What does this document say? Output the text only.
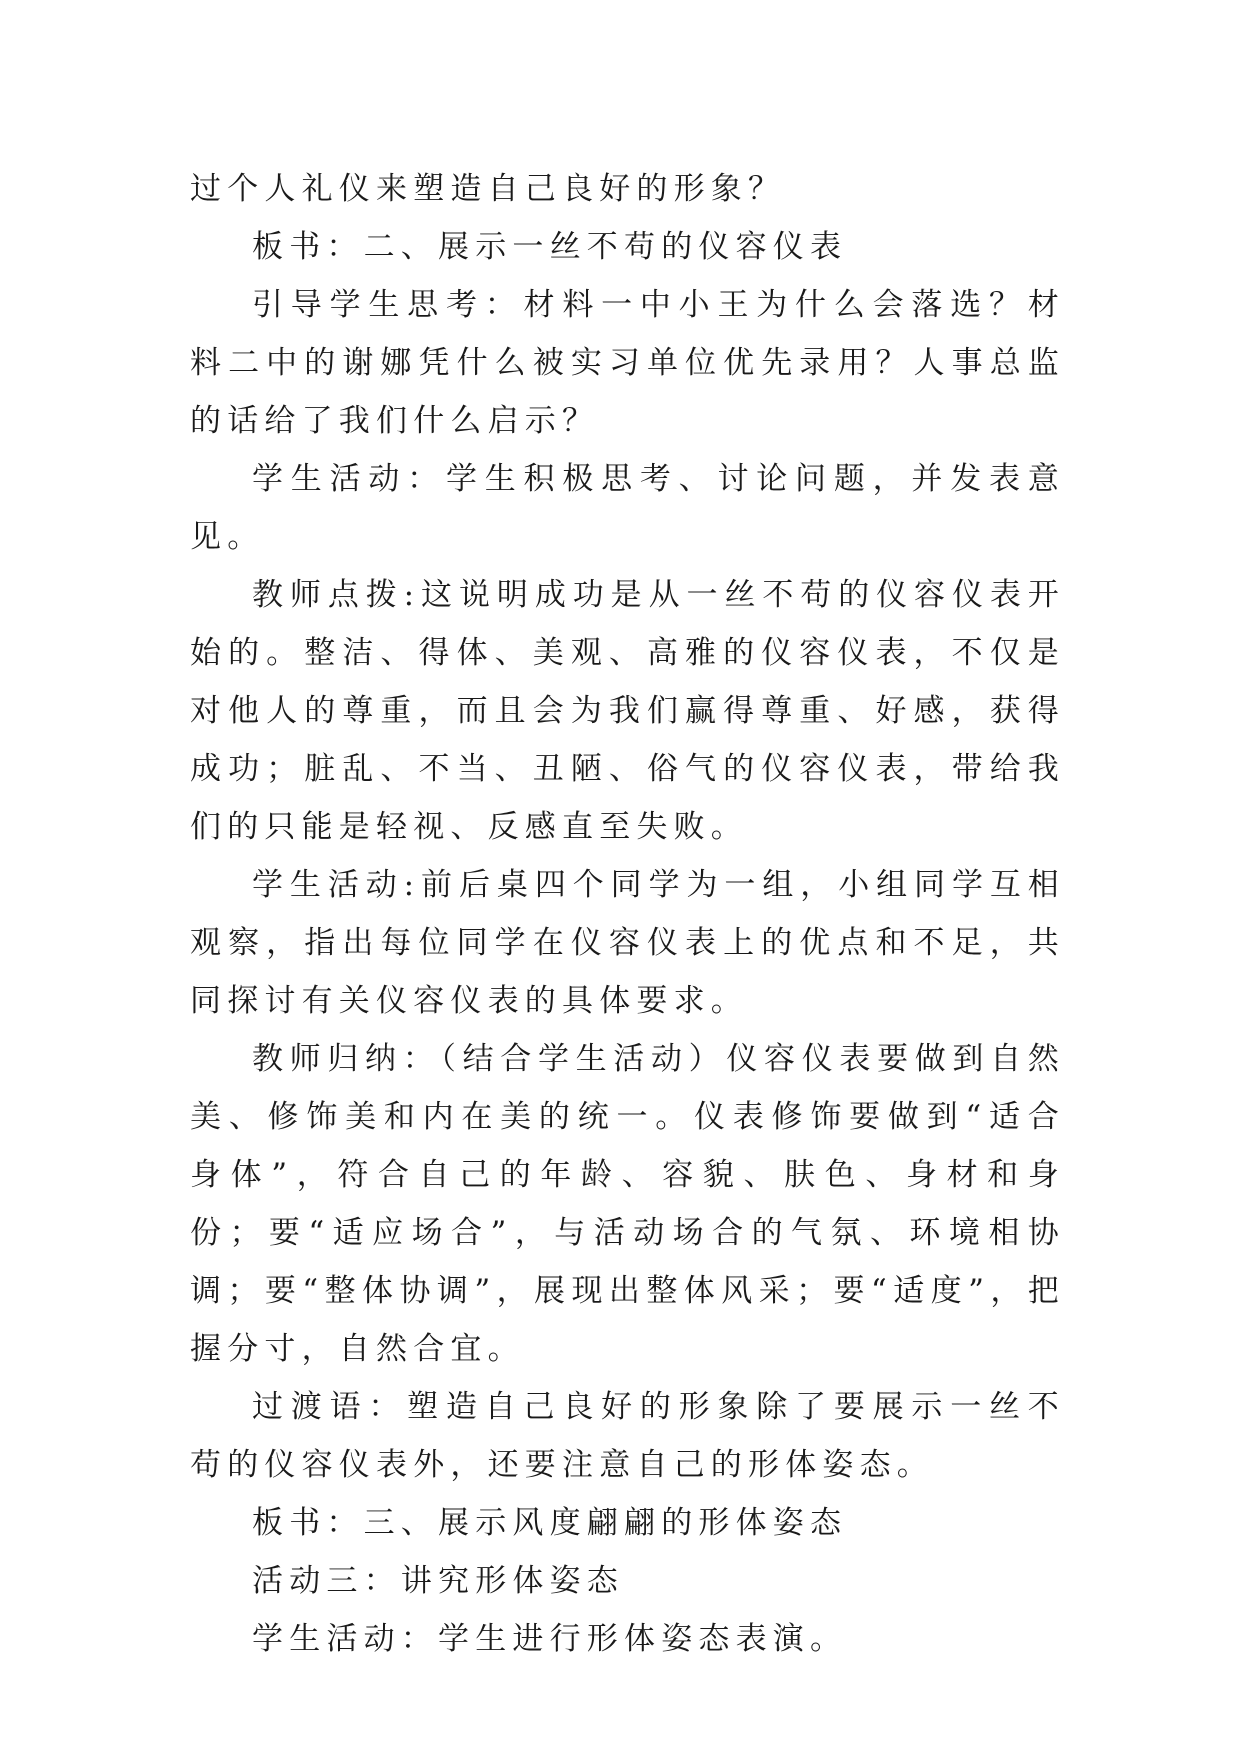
过个人礼仪来塑造自己良好的形象？

板书：二、展示一丝不苟的仪容仪表

引导学生思考：材料一中小王为什么会落选？材料二中的谢娜凭什么被实习单位优先录用？人事总监的话给了我们什么启示？

学生活动：学生积极思考、讨论问题，并发表意见。

教师点拨:这说明成功是从一丝不苟的仪容仪表开始的。整洁、得体、美观、高雅的仪容仪表，不仅是对他人的尊重，而且会为我们赢得尊重、好感，获得成功；脏乱、不当、丑陋、俗气的仪容仪表，带给我们的只能是轻视、反感直至失败。

学生活动:前后桌四个同学为一组，小组同学互相观察，指出每位同学在仪容仪表上的优点和不足，共同探讨有关仪容仪表的具体要求。

教师归纳：（结合学生活动）仪容仪表要做到自然美、修饰美和内在美的统一。仪表修饰要做到“适合身体”，符合自己的年龄、容貌、肤色、身材和身份；要“适应场合”，与活动场合的气氛、环境相协调；要“整体协调”，展现出整体风采；要“适度”，把握分寸，自然合宜。

过渡语：塑造自己良好的形象除了要展示一丝不苟的仪容仪表外，还要注意自己的形体姿态。

板书：三、展示风度翩翩的形体姿态

活动三：讲究形体姿态

学生活动：学生进行形体姿态表演。
